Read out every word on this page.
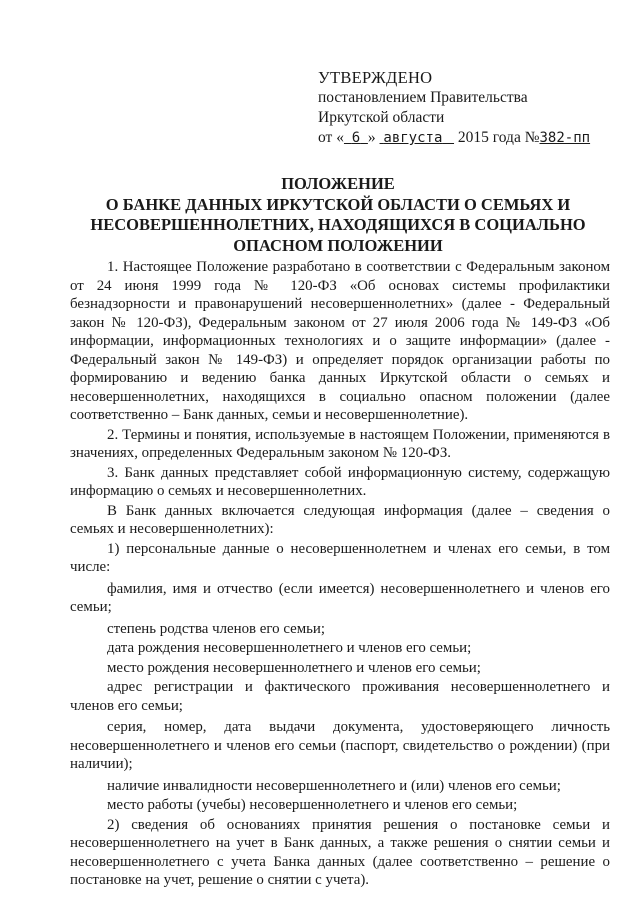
УТВЕРЖДЕНО
постановлением Правительства
Иркутской области
от « 6 » августа 2015 года №382-пп
ПОЛОЖЕНИЕ
О БАНКЕ ДАННЫХ ИРКУТСКОЙ ОБЛАСТИ О СЕМЬЯХ И
НЕСОВЕРШЕННОЛЕТНИХ, НАХОДЯЩИХСЯ В СОЦИАЛЬНО
ОПАСНОМ ПОЛОЖЕНИИ

1. Настоящее Положение разработано в соответствии с Федеральным законом от 24 июня 1999 года № 120-ФЗ «Об основах системы профилактики безнадзорности и правонарушений несовершеннолетних» (далее - Федеральный закон № 120-ФЗ), Федеральным законом от 27 июля 2006 года № 149-ФЗ «Об информации, информационных технологиях и о защите информации» (далее - Федеральный закон № 149-ФЗ) и определяет порядок организации работы по формированию и ведению банка данных Иркутской области о семьях и несовершеннолетних, находящихся в социально опасном положении (далее соответственно – Банк данных, семьи и несовершеннолетние).

2. Термины и понятия, используемые в настоящем Положении, применяются в значениях, определенных Федеральным законом № 120-ФЗ.

3. Банк данных представляет собой информационную систему, содержащую информацию о семьях и несовершеннолетних.

В Банк данных включается следующая информация (далее – сведения о семьях и несовершеннолетних):

1) персональные данные о несовершеннолетнем и членах его семьи, в том числе:

фамилия, имя и отчество (если имеется) несовершеннолетнего и членов его семьи;

степень родства членов его семьи;

дата рождения несовершеннолетнего и членов его семьи;

место рождения несовершеннолетнего и членов его семьи;

адрес регистрации и фактического проживания несовершеннолетнего и членов его семьи;

серия, номер, дата выдачи документа, удостоверяющего личность несовершеннолетнего и членов его семьи (паспорт, свидетельство о рождении) (при наличии);

наличие инвалидности несовершеннолетнего и (или) членов его семьи;

место работы (учебы) несовершеннолетнего и членов его семьи;

2) сведения об основаниях принятия решения о постановке семьи и несовершеннолетнего на учет в Банк данных, а также решения о снятии семьи и несовершеннолетнего с учета Банка данных (далее соответственно – решение о постановке на учет, решение о снятии с учета).
